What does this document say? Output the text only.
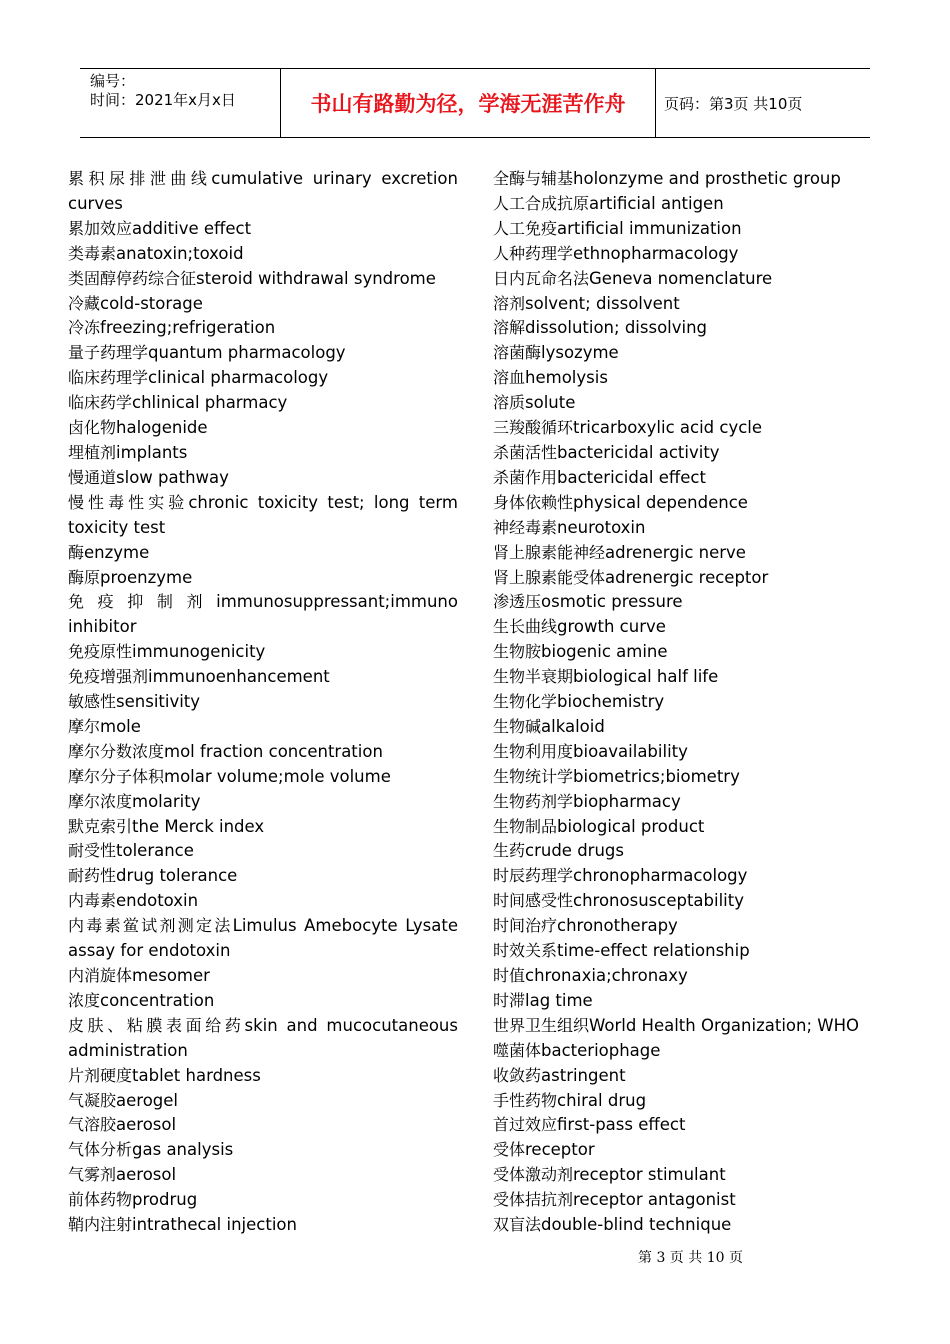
编号：
时间：2021年x月x日	书山有路勤为径，学海无涯苦作舟	页码：第3页 共10页
累积尿排泄曲线cumulative urinary excretion curves
累加效应additive effect
类毒素anatoxin;toxoid
类固醇停药综合征steroid withdrawal syndrome
冷藏cold-storage
冷冻freezing;refrigeration
量子药理学quantum pharmacology
临床药理学clinical pharmacology
临床药学chlinical pharmacy
卤化物halogenide
埋植剂implants
慢通道slow pathway
慢性毒性实验chronic toxicity test; long term toxicity test
酶enzyme
酶原proenzyme
免疫抑制剂immunosuppressant;immuno inhibitor
免疫原性immunogenicity
免疫增强剂immunoenhancement
敏感性sensitivity
摩尔mole
摩尔分数浓度mol fraction concentration
摩尔分子体积molar volume;mole volume
摩尔浓度molarity
默克索引the Merck index
耐受性tolerance
耐药性drug tolerance
内毒素endotoxin
内毒素鲎试剂测定法Limulus Amebocyte Lysate assay for endotoxin
内消旋体mesomer
浓度concentration
皮肤、粘膜表面给药skin and mucocutaneous administration
片剂硬度tablet hardness
气凝胶aerogel
气溶胶aerosol
气体分析gas analysis
气雾剂aerosol
前体药物prodrug
鞘内注射intrathecal injection
全酶与辅基holonzyme and prosthetic group
人工合成抗原artificial antigen
人工免疫artificial immunization
人种药理学ethnopharmacology
日内瓦命名法Geneva nomenclature
溶剂solvent; dissolvent
溶解dissolution; dissolving
溶菌酶lysozyme
溶血hemolysis
溶质solute
三羧酸循环tricarboxylic acid cycle
杀菌活性bactericidal activity
杀菌作用bactericidal effect
身体依赖性physical dependence
神经毒素neurotoxin
肾上腺素能神经adrenergic nerve
肾上腺素能受体adrenergic receptor
渗透压osmotic pressure
生长曲线growth curve
生物胺biogenic amine
生物半衰期biological half life
生物化学biochemistry
生物碱alkaloid
生物利用度bioavailability
生物统计学biometrics;biometry
生物药剂学biopharmacy
生物制品biological product
生药crude drugs
时辰药理学chronopharmacology
时间感受性chronosusceptability
时间治疗chronotherapy
时效关系time-effect relationship
时值chronaxia;chronaxy
时滞lag time
世界卫生组织World Health Organization; WHO
噬菌体bacteriophage
收敛药astringent
手性药物chiral drug
首过效应first-pass effect
受体receptor
受体激动剂receptor stimulant
受体拮抗剂receptor antagonist
双盲法double-blind technique
第 3 页 共 10 页
